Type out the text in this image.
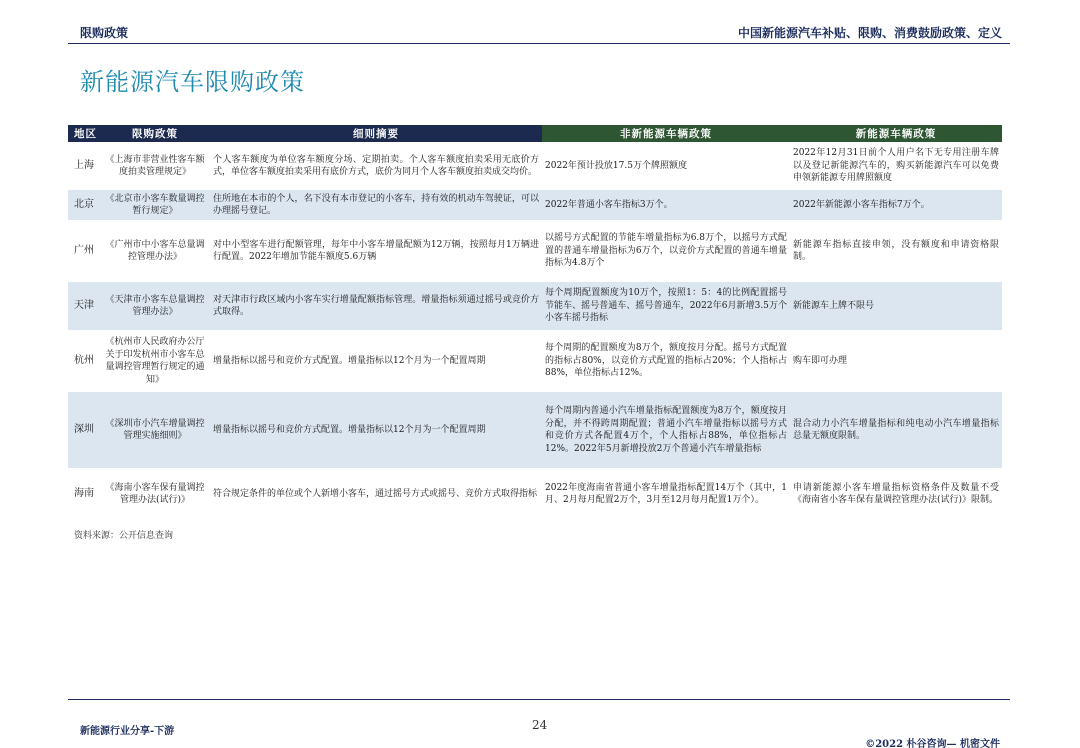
限购政策	中国新能源汽车补贴、限购、消费鼓励政策、定义
新能源汽车限购政策
地区	限购政策	细则摘要	非新能源车辆政策	新能源车辆政策
上海	《上海市非营业性客车额度拍卖管理规定》	个人客车额度为单位客车额度分场、定期拍卖。个人客车额度拍卖采用无底价方式，单位客车额度拍卖采用有底价方式，底价为同月个人客车额度拍卖成交均价。	2022年预计投放17.5万个牌照额度	2022年12月31日前个人用户名下无专用注册车牌以及登记新能源汽车的，购买新能源汽车可以免费申领新能源专用牌照额度
北京	《北京市小客车数量调控暂行规定》	住所地在本市的个人，名下没有本市登记的小客车，持有效的机动车驾驶证，可以办理摇号登记。	2022年普通小客车指标3万个。	2022年新能源小客车指标7万个。
广州	《广州市中小客车总量调控管理办法》	对中小型客车进行配额管理，每年中小客车增量配额为12万辆，按照每月1万辆进行配置。2022年增加节能车额度5.6万辆	以摇号方式配置的节能车增量指标为6.8万个，以摇号方式配置的普通车增量指标为6万个，以竞价方式配置的普通车增量指标为4.8万个	新能源车指标直接申领，没有额度和申请资格限制。
天津	《天津市小客车总量调控管理办法》	对天津市行政区域内小客车实行增量配额指标管理。增量指标须通过摇号或竞价方式取得。	每个周期配置额度为10万个，按照1：5：4的比例配置摇号节能车、摇号普通车、摇号普通车，2022年6月新增3.5万个小客车摇号指标	新能源车上牌不限号
杭州	《杭州市人民政府办公厅关于印发杭州市小客车总量调控管理暂行规定的通知》	增量指标以摇号和竞价方式配置。增量指标以12个月为一个配置周期	每个周期的配置额度为8万个，额度按月分配。摇号方式配置的指标占80%，以竞价方式配置的指标占20%；个人指标占88%，单位指标占12%。	购车即可办理
深圳	《深圳市小汽车增量调控管理实施细则》	增量指标以摇号和竞价方式配置。增量指标以12个月为一个配置周期	每个周期内普通小汽车增量指标配置额度为8万个，额度按月分配，并不得跨周期配置；普通小汽车增量指标以摇号方式和竞价方式各配置4万个，个人指标占88%，单位指标占12%。2022年5月新增投放2万个普通小汽车增量指标	混合动力小汽车增量指标和纯电动小汽车增量指标总量无额度限制。
海南	《海南小客车保有量调控管理办法(试行)》	符合规定条件的单位或个人新增小客车，通过摇号方式或摇号、竞价方式取得指标	2022年度海南省普通小客车增量指标配置14万个（其中，1月、2月每月配置2万个，3月至12月每月配置1万个）。	申请新能源小客车增量指标资格条件及数量不受《海南省小客车保有量调控管理办法(试行)》限制。
资料来源：公开信息查询
新能源行业分享-下游	24
©2022 朴谷咨询— 机密文件
